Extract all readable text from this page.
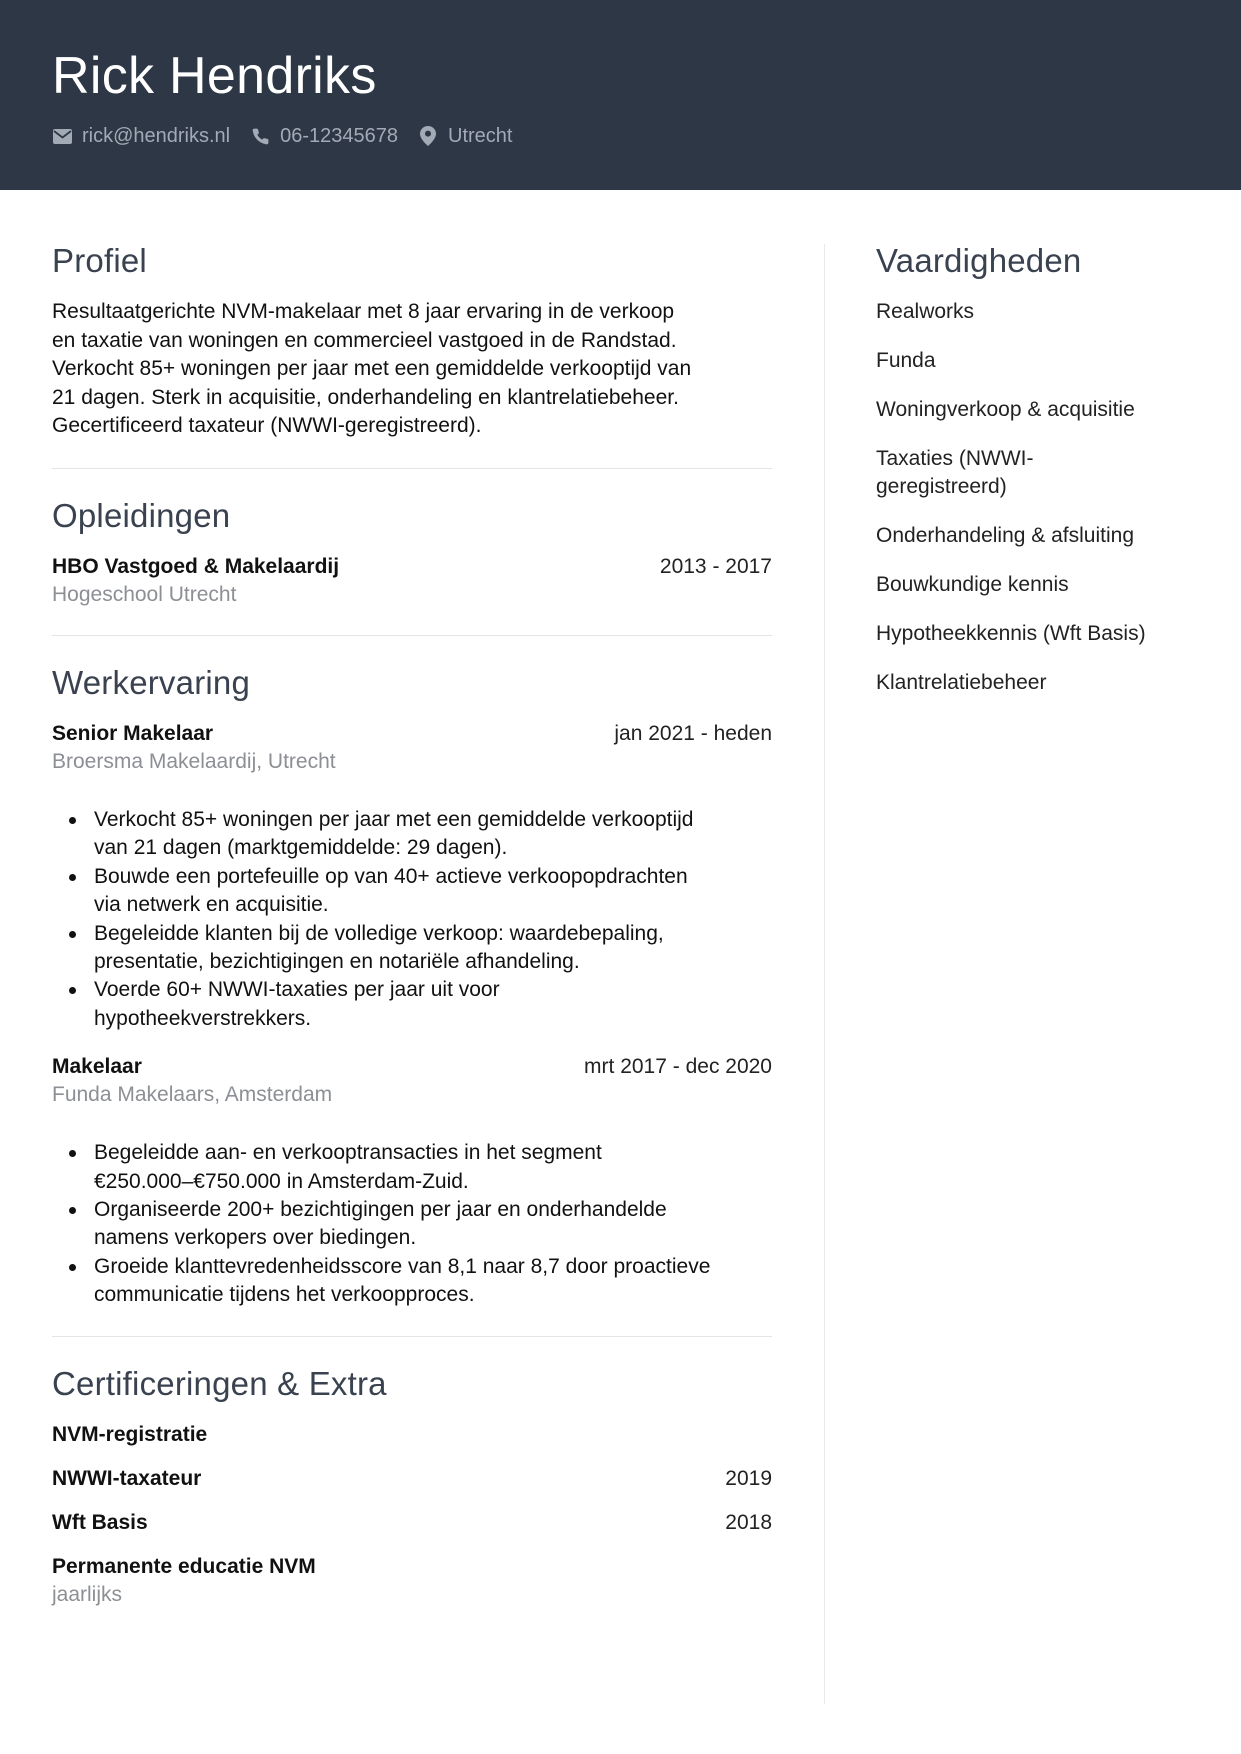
Rick Hendriks
rick@hendriks.nl	06-12345678	Utrecht
Profiel
Resultaatgerichte NVM-makelaar met 8 jaar ervaring in de verkoop
en taxatie van woningen en commercieel vastgoed in de Randstad.
Verkocht 85+ woningen per jaar met een gemiddelde verkooptijd van
21 dagen. Sterk in acquisitie, onderhandeling en klantrelatiebeheer.
Gecertificeerd taxateur (NWWI-geregistreerd).
Opleidingen
HBO Vastgoed & Makelaardij	2013 - 2017
Hogeschool Utrecht
Werkervaring
Senior Makelaar	jan 2021 - heden
Broersma Makelaardij, Utrecht
Verkocht 85+ woningen per jaar met een gemiddelde verkooptijd
van 21 dagen (marktgemiddelde: 29 dagen).
Bouwde een portefeuille op van 40+ actieve verkoopopdrachten
via netwerk en acquisitie.
Begeleidde klanten bij de volledige verkoop: waardebepaling,
presentatie, bezichtigingen en notariële afhandeling.
Voerde 60+ NWWI-taxaties per jaar uit voor
hypotheekverstrekkers.
Makelaar	mrt 2017 - dec 2020
Funda Makelaars, Amsterdam
Begeleidde aan- en verkooptransacties in het segment
€250.000–€750.000 in Amsterdam-Zuid.
Organiseerde 200+ bezichtigingen per jaar en onderhandelde
namens verkopers over biedingen.
Groeide klanttevredenheidsscore van 8,1 naar 8,7 door proactieve
communicatie tijdens het verkoopproces.
Certificeringen & Extra
NVM-registratie
NWWI-taxateur	2019
Wft Basis	2018
Permanente educatie NVM
jaarlijks
Vaardigheden
Realworks
Funda
Woningverkoop & acquisitie
Taxaties (NWWI-
geregistreerd)
Onderhandeling & afsluiting
Bouwkundige kennis
Hypotheekkennis (Wft Basis)
Klantrelatiebeheer
